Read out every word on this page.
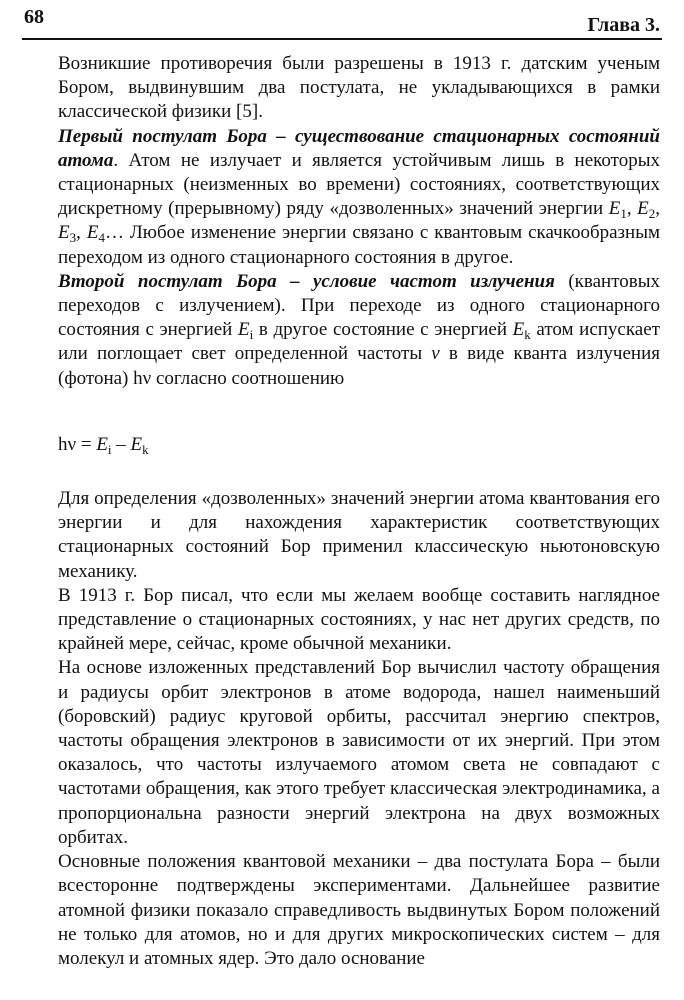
68	Глава 3.

Возникшие противоречия были разрешены в 1913 г. датским ученым Бором, выдвинувшим два постулата, не укладывающихся в рамки классической физики [5].

Первый постулат Бора – существование стационарных состояний атома. Атом не излучает и является устойчивым лишь в некоторых стационарных (неизменных во времени) состояниях, соответствующих дискретному (прерывному) ряду «дозволенных» значений энергии $E_1$, $E_2$, $E_3$, $E_4\dots$ Любое изменение энергии связано с квантовым скачкообразным переходом из одного стационарного состояния в другое.

Второй постулат Бора – условие частот излучения (квантовых переходов с излучением). При переходе из одного стационарного состояния с энергией $E_i$ в другое состояние с энергией $E_k$ атом испускает или поглощает свет определенной частоты ν в виде кванта излучения (фотона) hν согласно соотношению

$h\nu = E_i - E_k$

Для определения «дозволенных» значений энергии атома квантования его энергии и для нахождения характеристик соответствующих стационарных состояний Бор применил классическую ньютоновскую механику.

В 1913 г. Бор писал, что если мы желаем вообще составить наглядное представление о стационарных состояниях, у нас нет других средств, по крайней мере, сейчас, кроме обычной механики.

На основе изложенных представлений Бор вычислил частоту обращения и радиусы орбит электронов в атоме водорода, нашел наименьший (боровский) радиус круговой орбиты, рассчитал энергию спектров, частоты обращения электронов в зависимости от их энергий. При этом оказалось, что частоты излучаемого атомом света не совпадают с частотами обращения, как этого требует классическая электродинамика, а пропорциональна разности энергий электрона на двух возможных орбитах.

Основные положения квантовой механики – два постулата Бора – были всесторонне подтверждены экспериментами. Дальнейшее развитие атомной физики показало справедливость выдвинутых Бором положений не только для атомов, но и для других микроскопических систем – для молекул и атомных ядер. Это дало основание
